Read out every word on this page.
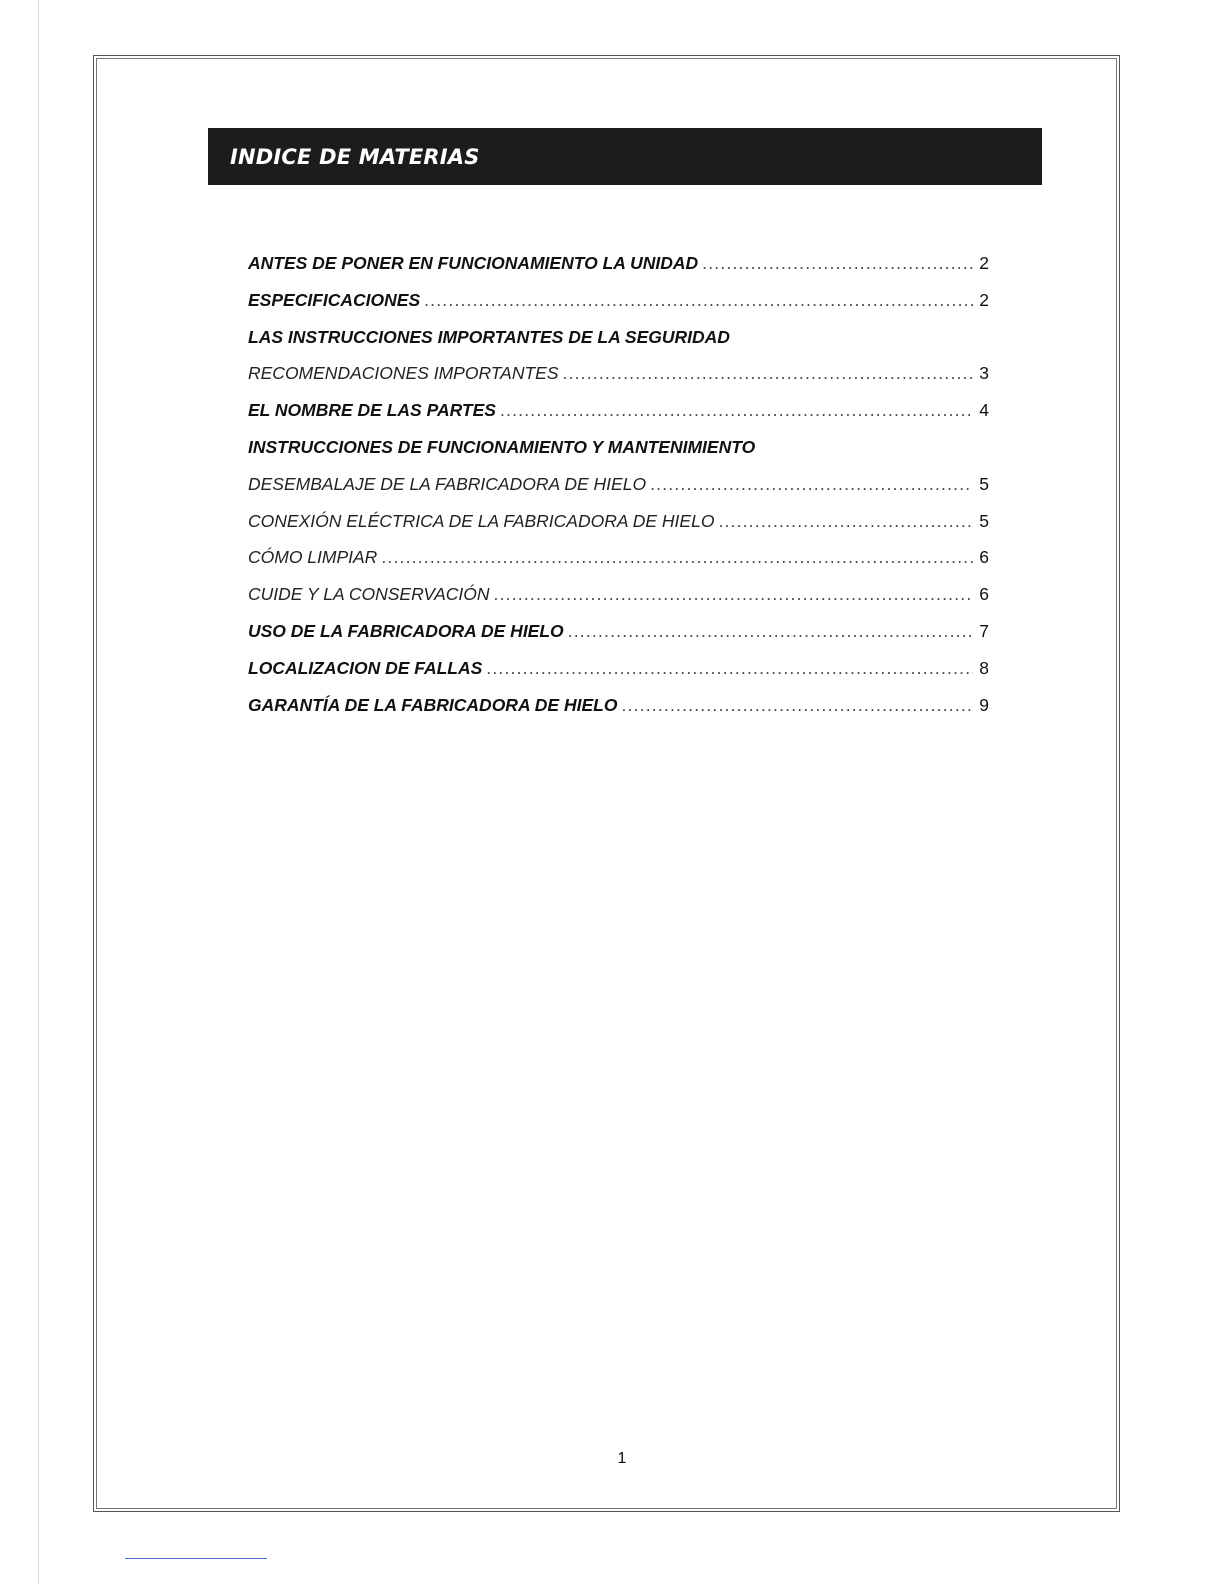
INDICE DE MATERIAS
ANTES DE PONER EN FUNCIONAMIENTO LA UNIDAD .....	2
ESPECIFICACIONES .....	2
LAS INSTRUCCIONES IMPORTANTES DE LA SEGURIDAD
RECOMENDACIONES IMPORTANTES .....	3
EL NOMBRE DE LAS PARTES .....	4
INSTRUCCIONES DE FUNCIONAMIENTO Y MANTENIMIENTO
DESEMBALAJE DE LA FABRICADORA DE HIELO .....	5
CONEXIÓN ELÉCTRICA DE LA FABRICADORA DE HIELO .....	5
CÓMO LIMPIAR .....	6
CUIDE Y LA CONSERVACIÓN .....	6
USO DE LA FABRICADORA DE HIELO .....	7
LOCALIZACION DE FALLAS .....	8
GARANTÍA DE LA FABRICADORA DE HIELO .....	9
1
